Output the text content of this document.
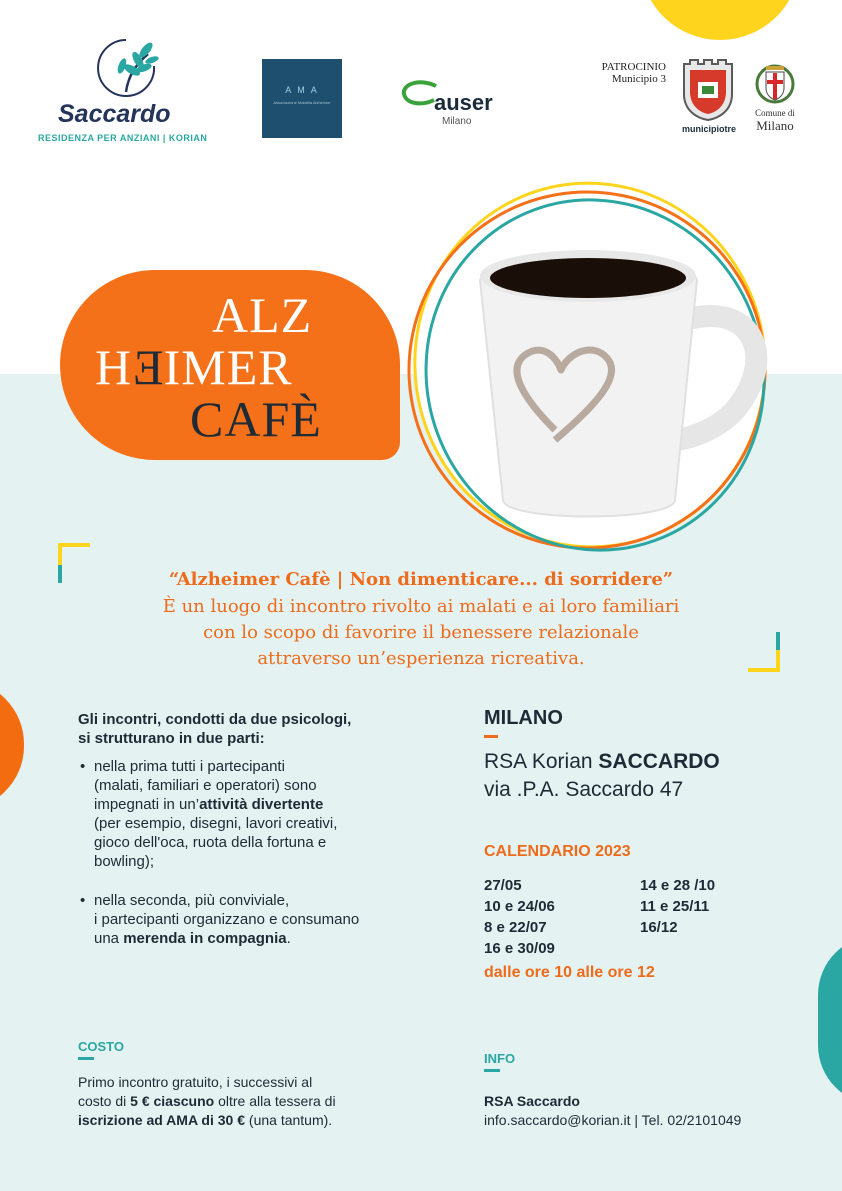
Saccardo
RESIDENZA PER ANZIANI | KORIAN
A M A
Associazione Malattia Alzheimer	auser
Milano
PATROCINIO
Municipio 3
municipiotre
Comune di
Milano
ALZ
HEIMER
CAFÈ
“Alzheimer Cafè | Non dimenticare... di sorridere”
È un luogo di incontro rivolto ai malati e ai loro familiari
con lo scopo di favorire il benessere relazionale
attraverso un’esperienza ricreativa.
Gli incontri, condotti da due psicologi,
si strutturano in due parti:
• nella prima tutti i partecipanti
(malati, familiari e operatori) sono
impegnati in un’attività divertente
(per esempio, disegni, lavori creativi,
gioco dell'oca, ruota della fortuna e
bowling);
• nella seconda, più conviviale,
i partecipanti organizzano e consumano
una merenda in compagnia.
MILANO
RSA Korian SACCARDO
via .P.A. Saccardo 47
CALENDARIO 2023
27/05
10 e 24/06
8 e 22/07
16 e 30/09
14 e 28 /10
11 e 25/11
16/12
dalle ore 10 alle ore 12
COSTO
Primo incontro gratuito, i successivi al
costo di 5 € ciascuno oltre alla tessera di
iscrizione ad AMA di 30 € (una tantum).
INFO
RSA Saccardo
info.saccardo@korian.it | Tel. 02/2101049
